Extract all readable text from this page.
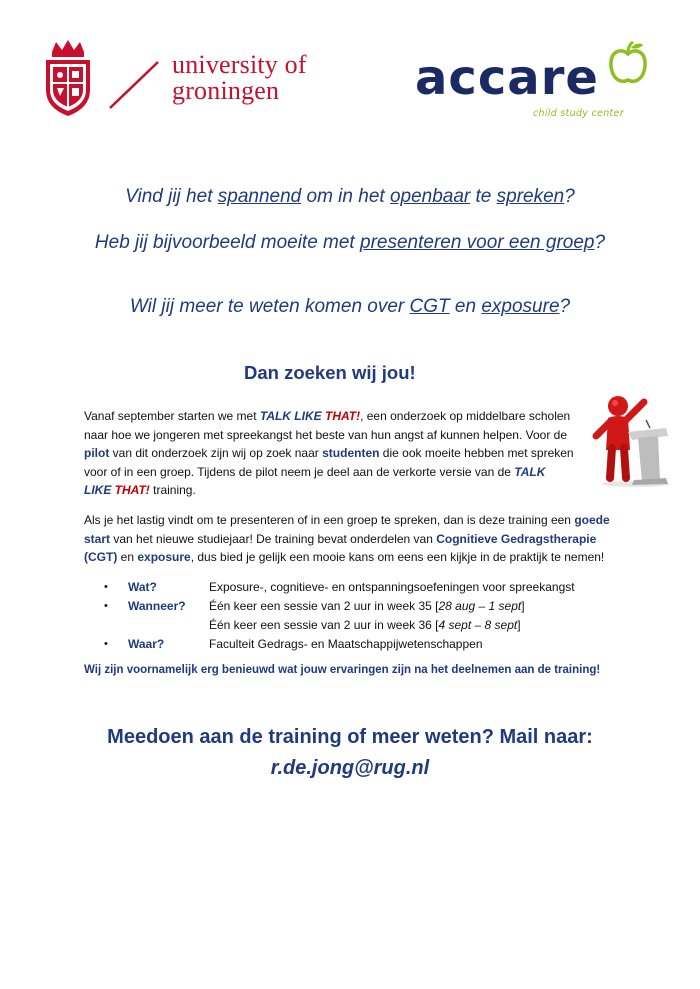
university of
groningen	accare
child study center
Vind jij het spannend om in het openbaar te spreken?
Heb jij bijvoorbeeld moeite met presenteren voor een groep?
Wil jij meer te weten komen over CGT en exposure?
Dan zoeken wij jou!
Vanaf september starten we met TALK LIKE THAT!, een onderzoek op middelbare scholen naar hoe we jongeren met spreekangst het beste van hun angst af kunnen helpen. Voor de pilot van dit onderzoek zijn wij op zoek naar studenten die ook moeite hebben met spreken voor of in een groep. Tijdens de pilot neem je deel aan de verkorte versie van de TALK LIKE THAT! training.
Als je het lastig vindt om te presenteren of in een groep te spreken, dan is deze training een goede start van het nieuwe studiejaar! De training bevat onderdelen van Cognitieve Gedragstherapie (CGT) en exposure, dus bied je gelijk een mooie kans om eens een kijkje in de praktijk te nemen!
• Wat?	Exposure-, cognitieve- en ontspanningsoefeningen voor spreekangst
• Wanneer? Één keer een sessie van 2 uur in week 35 [28 aug – 1 sept]
Één keer een sessie van 2 uur in week 36 [4 sept – 8 sept]
• Waar?	Faculteit Gedrags- en Maatschappijwetenschappen
Wij zijn voornamelijk erg benieuwd wat jouw ervaringen zijn na het deelnemen aan de training!
Meedoen aan de training of meer weten? Mail naar:
r.de.jong@rug.nl
